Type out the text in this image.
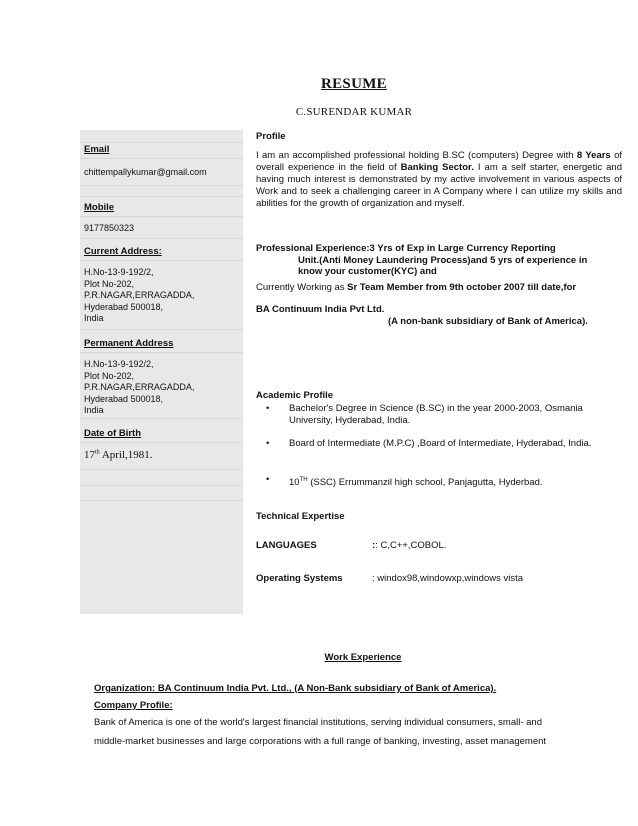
RESUME
C.SURENDAR KUMAR
Email
chittempallykumar@gmail.com
Mobile
9177850323
Current Address:
H.No-13-9-192/2,
Plot No-202,
P.R.NAGAR,ERRAGADDA,
Hyderabad 500018,
India
Permanent Address
H.No-13-9-192/2,
Plot No-202,
P.R.NAGAR,ERRAGADDA,
Hyderabad 500018,
India
Date of Birth
17th April,1981.
Profile
I am an accomplished professional holding B.SC (computers) Degree with 8 Years of overall experience in the field of Banking Sector. I am a self starter, energetic and having much interest is demonstrated by my active involvement in various aspects of Work and to seek a challenging career in A Company where I can utilize my skills and abilities for the growth of organization and myself.
Professional Experience:3 Yrs of Exp in Large Currency Reporting
Unit.(Anti Money Laundering Process)and 5 yrs of experience in
know your customer(KYC) and
Currently Working as Sr Team Member from 9th october 2007 till date,for
BA Continuum India Pvt Ltd.
(A non-bank subsidiary of Bank of America).
Academic Profile
• Bachelor's Degree in Science (B.SC) in the year 2000-2003, Osmania University, Hyderabad, India.
• Board of Intermediate (M.P.C) ,Board of Intermediate, Hyderabad, India.
• 10TH (SSC) Errummanzil high school, Panjagutta, Hyderbad.
Technical Expertise
LANGUAGES	:: C,C++,COBOL.
Operating Systems	: windox98,windowxp,windows vista
Work Experience
Organization: BA Continuum India Pvt. Ltd., (A Non-Bank subsidiary of Bank of America).
Company Profile:
Bank of America is one of the world's largest financial institutions, serving individual consumers, small- and
middle-market businesses and large corporations with a full range of banking, investing, asset management
